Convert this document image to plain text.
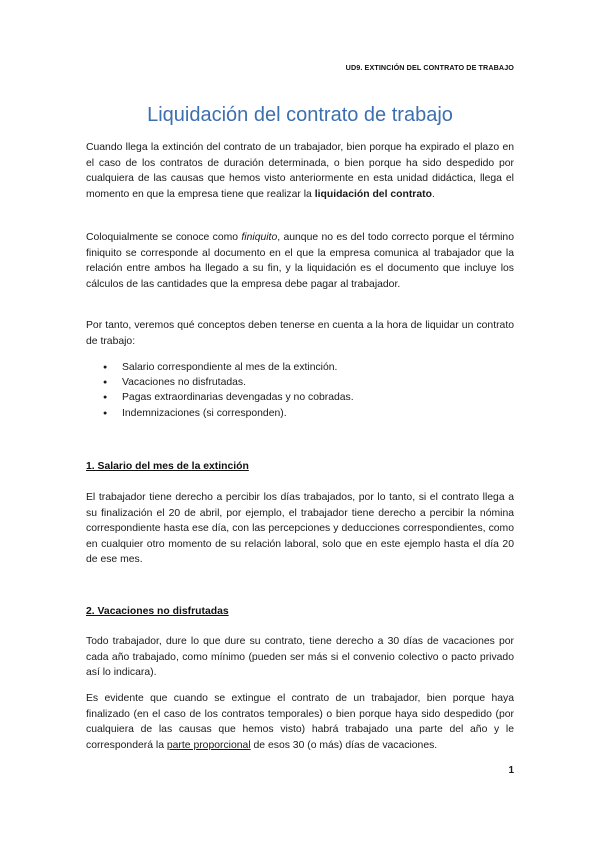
UD9. EXTINCIÓN DEL CONTRATO DE TRABAJO
Liquidación del contrato de trabajo
Cuando llega la extinción del contrato de un trabajador, bien porque ha expirado el plazo en el caso de los contratos de duración determinada, o bien porque ha sido despedido por cualquiera de las causas que hemos visto anteriormente en esta unidad didáctica, llega el momento en que la empresa tiene que realizar la liquidación del contrato.
Coloquialmente se conoce como finiquito, aunque no es del todo correcto porque el término finiquito se corresponde al documento en el que la empresa comunica al trabajador que la relación entre ambos ha llegado a su fin, y la liquidación es el documento que incluye los cálculos de las cantidades que la empresa debe pagar al trabajador.
Por tanto, veremos qué conceptos deben tenerse en cuenta a la hora de liquidar un contrato de trabajo:
● Salario correspondiente al mes de la extinción.
● Vacaciones no disfrutadas.
● Pagas extraordinarias devengadas y no cobradas.
● Indemnizaciones (si corresponden).
1. Salario del mes de la extinción
El trabajador tiene derecho a percibir los días trabajados, por lo tanto, si el contrato llega a su finalización el 20 de abril, por ejemplo, el trabajador tiene derecho a percibir la nómina correspondiente hasta ese día, con las percepciones y deducciones correspondientes, como en cualquier otro momento de su relación laboral, solo que en este ejemplo hasta el día 20 de ese mes.
2. Vacaciones no disfrutadas
Todo trabajador, dure lo que dure su contrato, tiene derecho a 30 días de vacaciones por cada año trabajado, como mínimo (pueden ser más si el convenio colectivo o pacto privado así lo indicara).
Es evidente que cuando se extingue el contrato de un trabajador, bien porque haya finalizado (en el caso de los contratos temporales) o bien porque haya sido despedido (por cualquiera de las causas que hemos visto) habrá trabajado una parte del año y le corresponderá la parte proporcional de esos 30 (o más) días de vacaciones.
1
